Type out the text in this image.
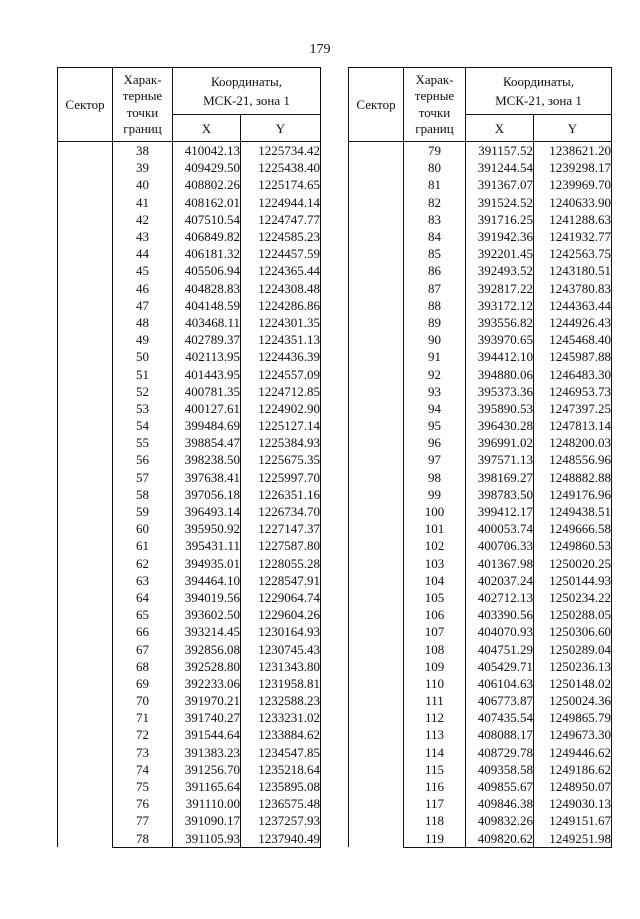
179
Сектор	Харак-
терные
точки
границ	Координаты,
МСК-21, зона 1	
		X	Y
	38	410042.13	1225734.42
	39	409429.50	1225438.40
	40	408802.26	1225174.65
	41	408162.01	1224944.14
	42	407510.54	1224747.77
	43	406849.82	1224585.23
	44	406181.32	1224457.59
	45	405506.94	1224365.44
	46	404828.83	1224308.48
	47	404148.59	1224286.86
	48	403468.11	1224301.35
	49	402789.37	1224351.13
	50	402113.95	1224436.39
	51	401443.95	1224557.09
	52	400781.35	1224712.85
	53	400127.61	1224902.90
	54	399484.69	1225127.14
	55	398854.47	1225384.93
	56	398238.50	1225675.35
	57	397638.41	1225997.70
	58	397056.18	1226351.16
	59	396493.14	1226734.70
	60	395950.92	1227147.37
	61	395431.11	1227587.80
	62	394935.01	1228055.28
	63	394464.10	1228547.91
	64	394019.56	1229064.74
	65	393602.50	1229604.26
	66	393214.45	1230164.93
	67	392856.08	1230745.43
	68	392528.80	1231343.80
	69	392233.06	1231958.81
	70	391970.21	1232588.23
	71	391740.27	1233231.02
	72	391544.64	1233884.62
	73	391383.23	1234547.85
	74	391256.70	1235218.64
	75	391165.64	1235895.08
	76	391110.00	1236575.48
	77	391090.17	1237257.93
	78	391105.93	1237940.49
Сектор	Харак-
терные
точки
границ	Координаты,
МСК-21, зона 1	
		X	Y
	79	391157.52	1238621.20
	80	391244.54	1239298.17
	81	391367.07	1239969.70
	82	391524.52	1240633.90
	83	391716.25	1241288.63
	84	391942.36	1241932.77
	85	392201.45	1242563.75
	86	392493.52	1243180.51
	87	392817.22	1243780.83
	88	393172.12	1244363.44
	89	393556.82	1244926.43
	90	393970.65	1245468.40
	91	394412.10	1245987.88
	92	394880.06	1246483.30
	93	395373.36	1246953.73
	94	395890.53	1247397.25
	95	396430.28	1247813.14
	96	396991.02	1248200.03
	97	397571.13	1248556.96
	98	398169.27	1248882.88
	99	398783.50	1249176.96
	100	399412.17	1249438.51
	101	400053.74	1249666.58
	102	400706.33	1249860.53
	103	401367.98	1250020.25
	104	402037.24	1250144.93
	105	402712.13	1250234.22
	106	403390.56	1250288.05
	107	404070.93	1250306.60
	108	404751.29	1250289.04
	109	405429.71	1250236.13
	110	406104.63	1250148.02
	111	406773.87	1250024.36
	112	407435.54	1249865.79
	113	408088.17	1249673.30
	114	408729.78	1249446.62
	115	409358.58	1249186.62
	116	409855.67	1248950.07
	117	409846.38	1249030.13
	118	409832.26	1249151.67
	119	409820.62	1249251.98
